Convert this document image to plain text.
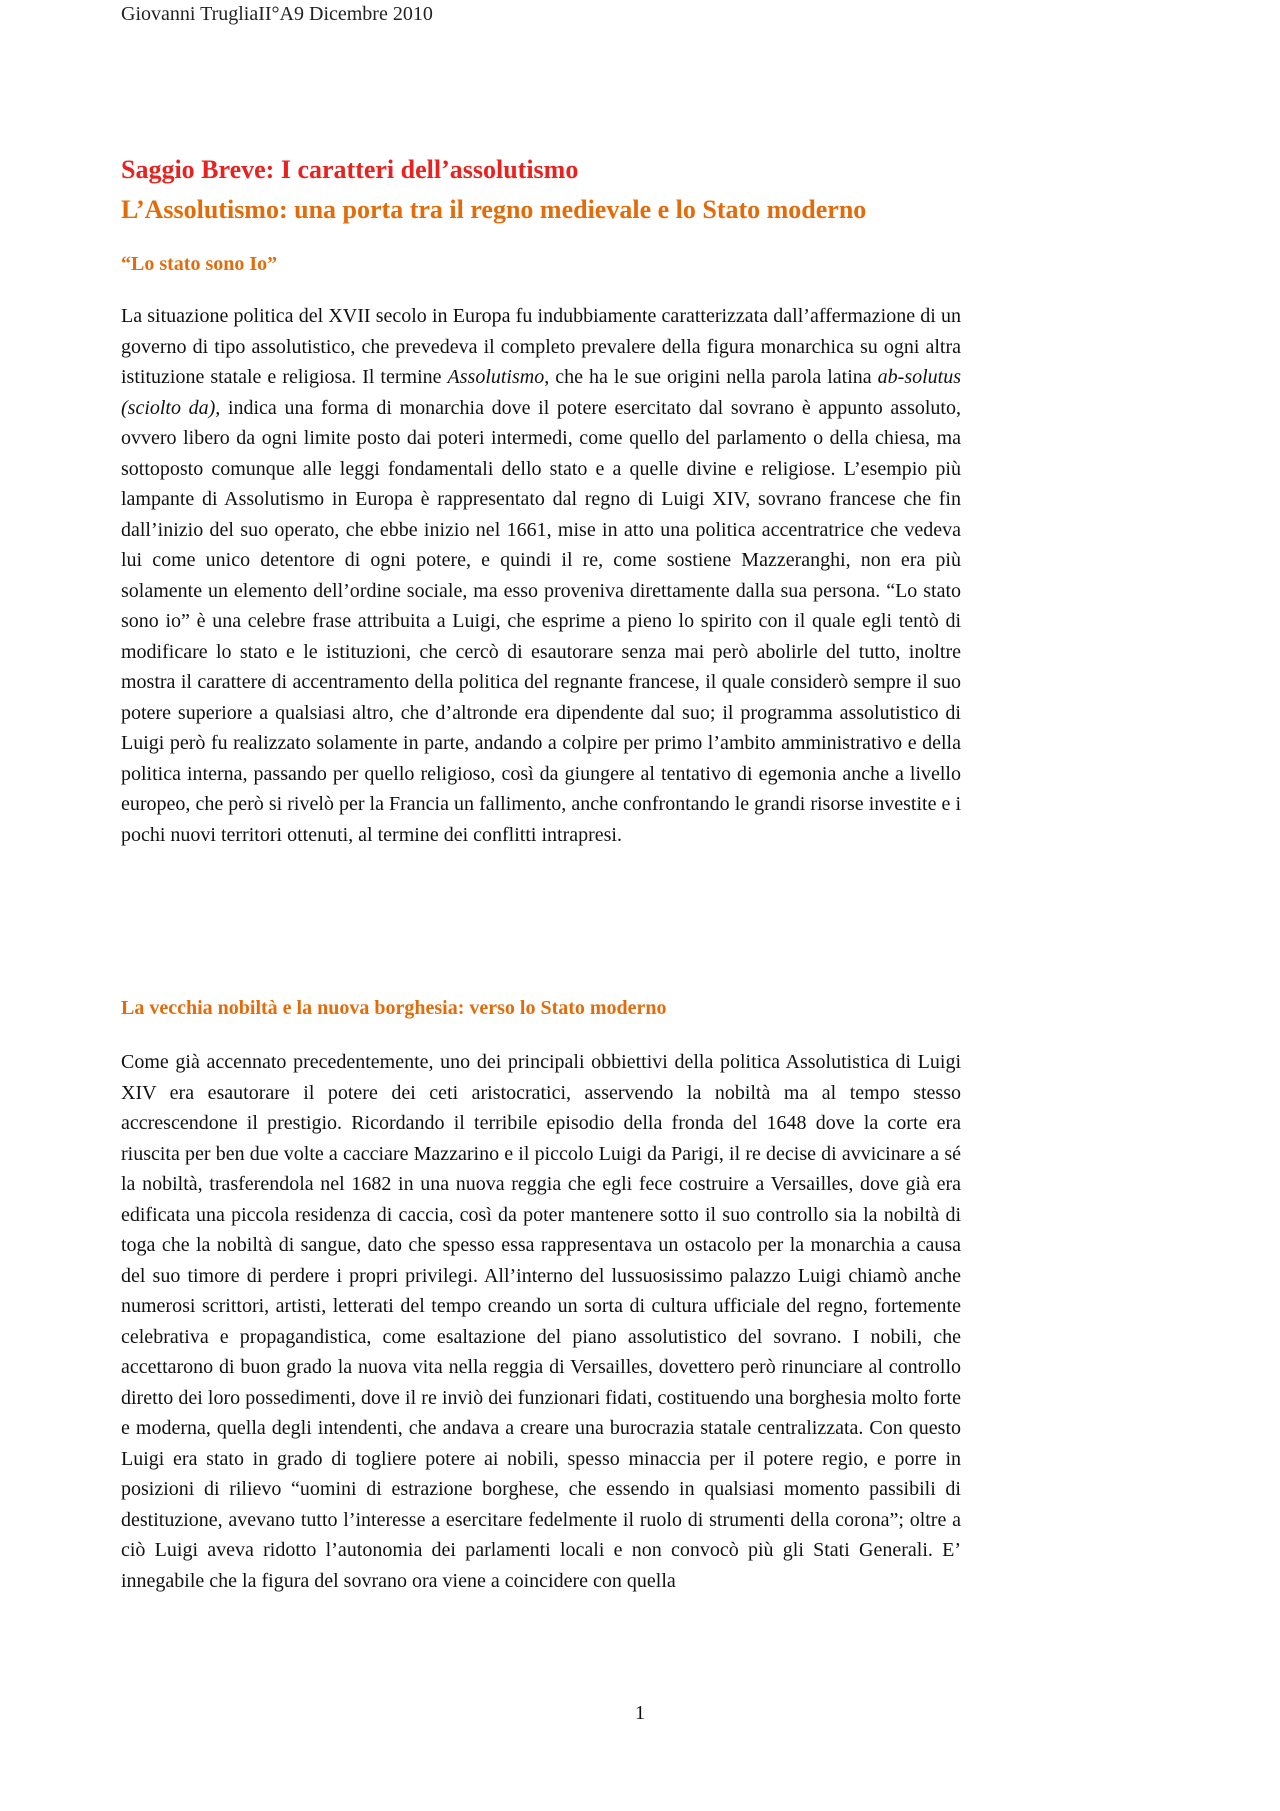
Giovanni TrugliaII°A9 Dicembre 2010
Saggio Breve: I caratteri dell’assolutismo
L’Assolutismo: una porta tra il regno medievale e lo Stato moderno
“Lo stato sono Io”

La situazione politica del XVII secolo in Europa fu indubbiamente caratterizzata dall’affermazione di un governo di tipo assolutistico, che prevedeva il completo prevalere della figura monarchica su ogni altra istituzione statale e religiosa. Il termine Assolutismo, che ha le sue origini nella parola latina ab-solutus (sciolto da), indica una forma di monarchia dove il potere esercitato dal sovrano è appunto assoluto, ovvero libero da ogni limite posto dai poteri intermedi, come quello del parlamento o della chiesa, ma sottoposto comunque alle leggi fondamentali dello stato e a quelle divine e religiose. L’esempio più lampante di Assolutismo in Europa è rappresentato dal regno di Luigi XIV, sovrano francese che fin dall’inizio del suo operato, che ebbe inizio nel 1661, mise in atto una politica accentratrice che vedeva lui come unico detentore di ogni potere, e quindi il re, come sostiene Mazzeranghi, non era più solamente un elemento dell’ordine sociale, ma esso proveniva direttamente dalla sua persona. “Lo stato sono io” è una celebre frase attribuita a Luigi, che esprime a pieno lo spirito con il quale egli tentò di modificare lo stato e le istituzioni, che cercò di esautorare senza mai però abolirle del tutto, inoltre mostra il carattere di accentramento della politica del regnante francese, il quale considerò sempre il suo potere superiore a qualsiasi altro, che d’altronde era dipendente dal suo; il programma assolutistico di Luigi però fu realizzato solamente in parte, andando a colpire per primo l’ambito amministrativo e della politica interna, passando per quello religioso, così da giungere al tentativo di egemonia anche a livello europeo, che però si rivelò per la Francia un fallimento, anche confrontando le grandi risorse investite e i pochi nuovi territori ottenuti, al termine dei conflitti intrapresi.

La vecchia nobiltà e la nuova borghesia: verso lo Stato moderno

Come già accennato precedentemente, uno dei principali obbiettivi della politica Assolutistica di Luigi XIV era esautorare il potere dei ceti aristocratici, asservendo la nobiltà ma al tempo stesso accrescendone il prestigio. Ricordando il terribile episodio della fronda del 1648 dove la corte era riuscita per ben due volte a cacciare Mazzarino e il piccolo Luigi da Parigi, il re decise di avvicinare a sé la nobiltà, trasferendola nel 1682 in una nuova reggia che egli fece costruire a Versailles, dove già era edificata una piccola residenza di caccia, così da poter mantenere sotto il suo controllo sia la nobiltà di toga che la nobiltà di sangue, dato che spesso essa rappresentava un ostacolo per la monarchia a causa del suo timore di perdere i propri privilegi. All’interno del lussuosissimo palazzo Luigi chiamò anche numerosi scrittori, artisti, letterati del tempo creando un sorta di cultura ufficiale del regno, fortemente celebrativa e propagandistica, come esaltazione del piano assolutistico del sovrano. I nobili, che accettarono di buon grado la nuova vita nella reggia di Versailles, dovettero però rinunciare al controllo diretto dei loro possedimenti, dove il re inviò dei funzionari fidati, costituendo una borghesia molto forte e moderna, quella degli intendenti, che andava a creare una burocrazia statale centralizzata. Con questo Luigi era stato in grado di togliere potere ai nobili, spesso minaccia per il potere regio, e porre in posizioni di rilievo “uomini di estrazione borghese, che essendo in qualsiasi momento passibili di destituzione, avevano tutto l’interesse a esercitare fedelmente il ruolo di strumenti della corona”; oltre a ciò Luigi aveva ridotto l’autonomia dei parlamenti locali e non convocò più gli Stati Generali. E’ innegabile che la figura del sovrano ora viene a coincidere con quella

1
